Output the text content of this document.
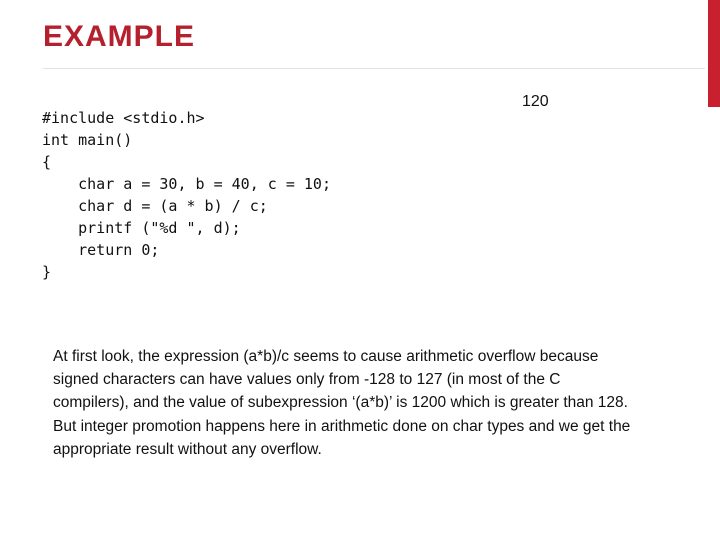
EXAMPLE
#include <stdio.h>
int main()
{
char a = 30, b = 40, c = 10;
char d = (a * b) / c;
printf ("%d ", d);
return 0;
}
120

At first look, the expression (a*b)/c seems to cause arithmetic overflow because signed characters can have values only from -128 to 127 (in most of the C compilers), and the value of subexpression ‘(a*b)’ is 1200 which is greater than 128. But integer promotion happens here in arithmetic done on char types and we get the appropriate result without any overflow.
